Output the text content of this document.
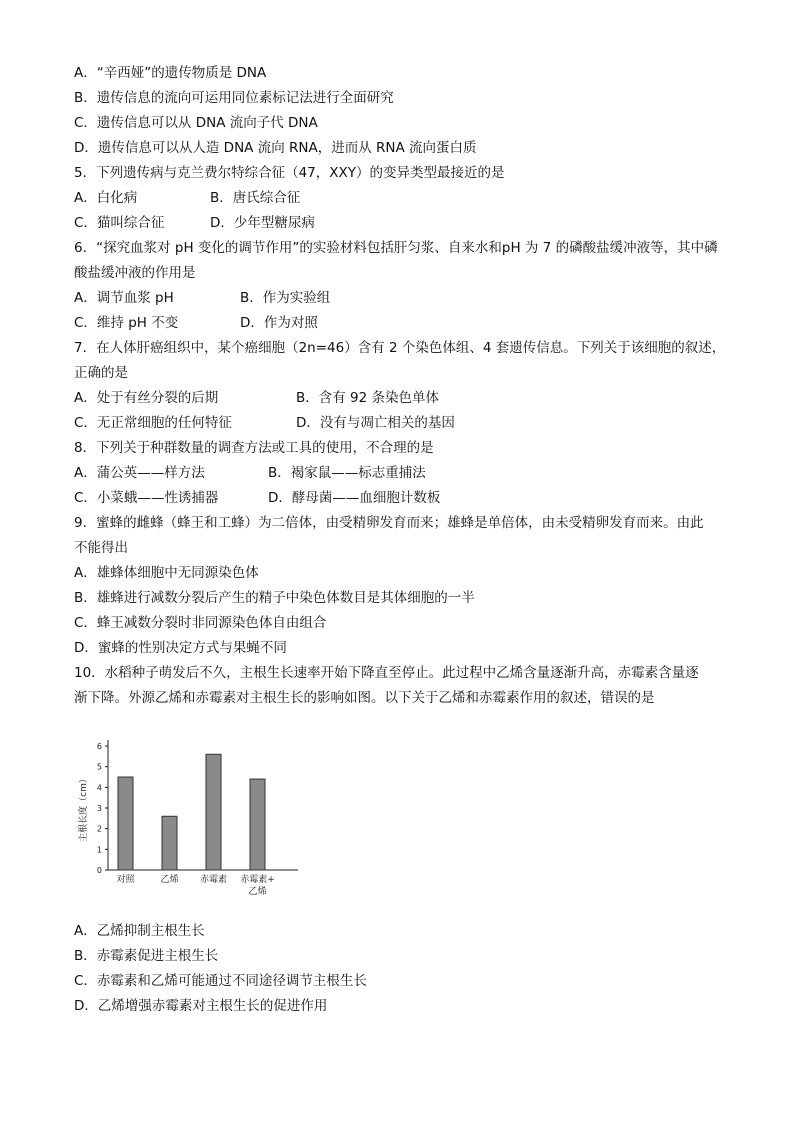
A．“辛西娅”的遗传物质是 DNA
B．遗传信息的流向可运用同位素标记法进行全面研究
C．遗传信息可以从 DNA 流向子代 DNA
D．遗传信息可以从人造 DNA 流向 RNA，进而从 RNA 流向蛋白质
5．下列遗传病与克兰费尔特综合征（47，XXY）的变异类型最接近的是
A．白化病	B．唐氏综合征
C．猫叫综合征	D．少年型糖尿病
6．“探究血浆对 pH 变化的调节作用”的实验材料包括肝匀浆、自来水和pH 为 7 的磷酸盐缓冲液等，其中磷
酸盐缓冲液的作用是
A．调节血浆 pH	B．作为实验组
C．维持 pH 不变	D．作为对照
7．在人体肝癌组织中，某个癌细胞（2n=46）含有 2 个染色体组、4 套遗传信息。下列关于该细胞的叙述，
正确的是
A．处于有丝分裂的后期	B．含有 92 条染色单体
C．无正常细胞的任何特征	D．没有与凋亡相关的基因
8．下列关于种群数量的调查方法或工具的使用，不合理的是
A．蒲公英——样方法	B．褐家鼠——标志重捕法
C．小菜蛾——性诱捕器	D．酵母菌——血细胞计数板
9．蜜蜂的雌蜂（蜂王和工蜂）为二倍体，由受精卵发育而来；雄蜂是单倍体，由未受精卵发育而来。由此
不能得出
A．雄蜂体细胞中无同源染色体
B．雄蜂进行减数分裂后产生的精子中染色体数目是其体细胞的一半
C．蜂王减数分裂时非同源染色体自由组合
D．蜜蜂的性别决定方式与果蝇不同
10．水稻种子萌发后不久，主根生长速率开始下降直至停止。此过程中乙烯含量逐渐升高，赤霉素含量逐
渐下降。外源乙烯和赤霉素对主根生长的影响如图。以下关于乙烯和赤霉素作用的叙述，错误的是
0
1
2
3
4
5
6
主根长度（cm）
对照	乙烯 赤霉素 赤霉素+
乙烯
A．乙烯抑制主根生长
B．赤霉素促进主根生长
C．赤霉素和乙烯可能通过不同途径调节主根生长
D．乙烯增强赤霉素对主根生长的促进作用
